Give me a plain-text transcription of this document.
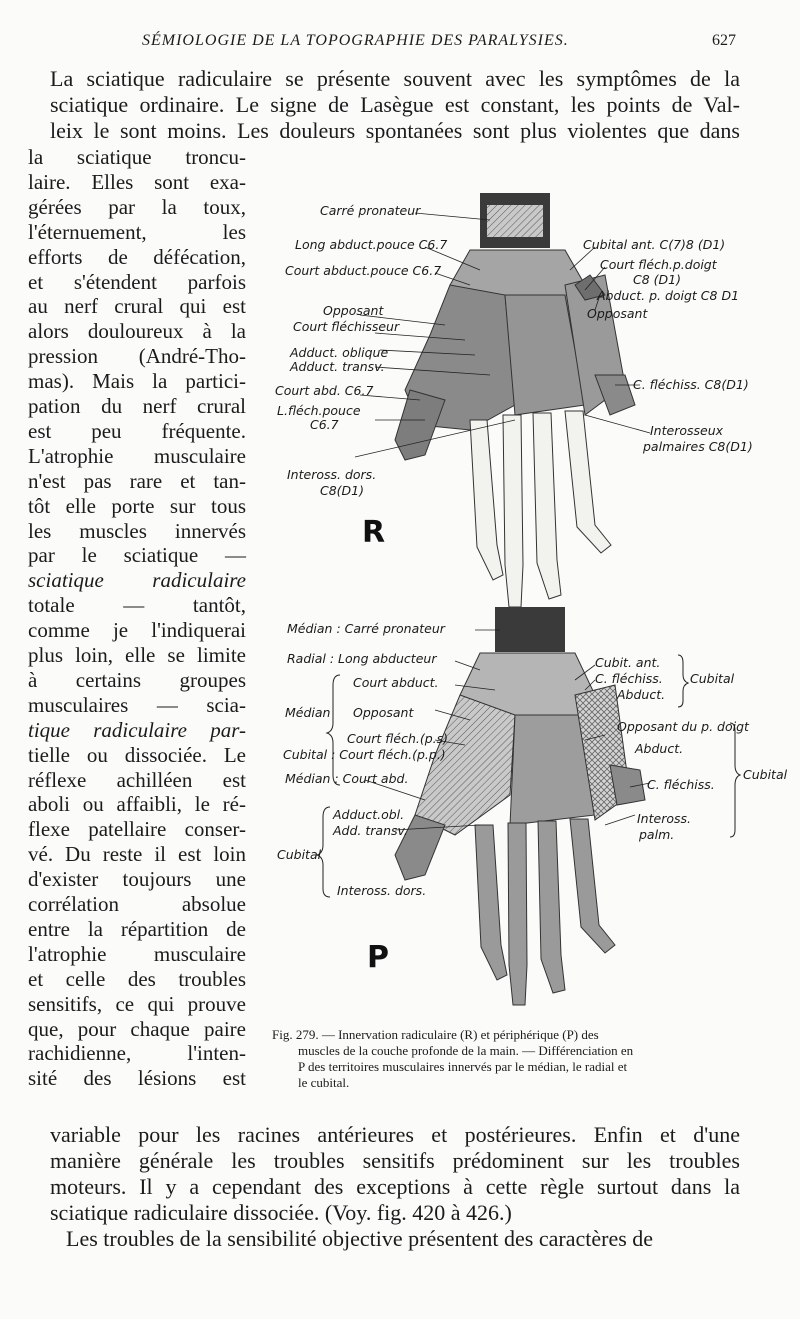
SÉMIOLOGIE DE LA TOPOGRAPHIE DES PARALYSIES.	627
La sciatique radiculaire se présente souvent avec les symptômes de la
sciatique ordinaire. Le signe de Lasègue est constant, les points de Val-
leix le sont moins. Les douleurs spontanées sont plus violentes que dans
la sciatique troncu-
laire. Elles sont exa-
gérées par la toux,
l'éternuement, les
efforts de défécation,
et s'étendent parfois
au nerf crural qui est
alors douloureux à la
pression (André-Tho-
mas). Mais la partici-
pation du nerf crural
est peu fréquente.
L'atrophie musculaire
n'est pas rare et tan-
tôt elle porte sur tous
les muscles innervés
par le sciatique —
sciatique radiculaire
totale — tantôt,
comme je l'indiquerai
plus loin, elle se limite
à certains groupes
musculaires — scia-
tique radiculaire par-
tielle ou dissociée. Le
réflexe achilléen est
aboli ou affaibli, le ré-
flexe patellaire conser-
vé. Du reste il est loin
d'exister toujours une
corrélation absolue
entre la répartition de
l'atrophie musculaire
et celle des troubles
sensitifs, ce qui prouve
que, pour chaque paire
rachidienne, l'inten-
sité des lésions est
Carré pronateur
Long abduct.pouce C6.7
Court abduct.pouce C6.7
Opposant
Court fléchisseur
Adduct. oblique
Adduct. transv.
Court abd. C6.7
L.fléch.pouce
C6.7
Inteross. dors.
C8(D1)
Cubital ant. C(7)8 (D1)
Court fléch.p.doigt
C8 (D1)
Abduct. p. doigt C8 D1
Opposant
C. fléchiss. C8(D1)
Interosseux
palmaires C8(D1)
R
Médian : Carré pronateur
Radial : Long abducteur
Court abduct.
Médian Opposant
Court fléch.(p.s)
Cubital : Court fléch.(p.p.)
Médian : Court abd.
Adduct.obl.
Add. transv.
Cubital
Inteross. dors.
Cubit. ant.
C. fléchiss.
Abduct.
Cubital
Opposant du p. doigt
Abduct.
C. fléchiss.
Cubital
Inteross.
palm.
P
Fig. 279. — Innervation radiculaire (R) et périphérique (P) des
muscles de la couche profonde de la main. — Différenciation en
P des territoires musculaires innervés par le médian, le radial et
le cubital.
variable pour les racines antérieures et postérieures. Enfin et d'une
manière générale les troubles sensitifs prédominent sur les troubles
moteurs. Il y a cependant des exceptions à cette règle surtout dans la
sciatique radiculaire dissociée. (Voy. fig. 420 à 426.)
Les troubles de la sensibilité objective présentent des caractères de
